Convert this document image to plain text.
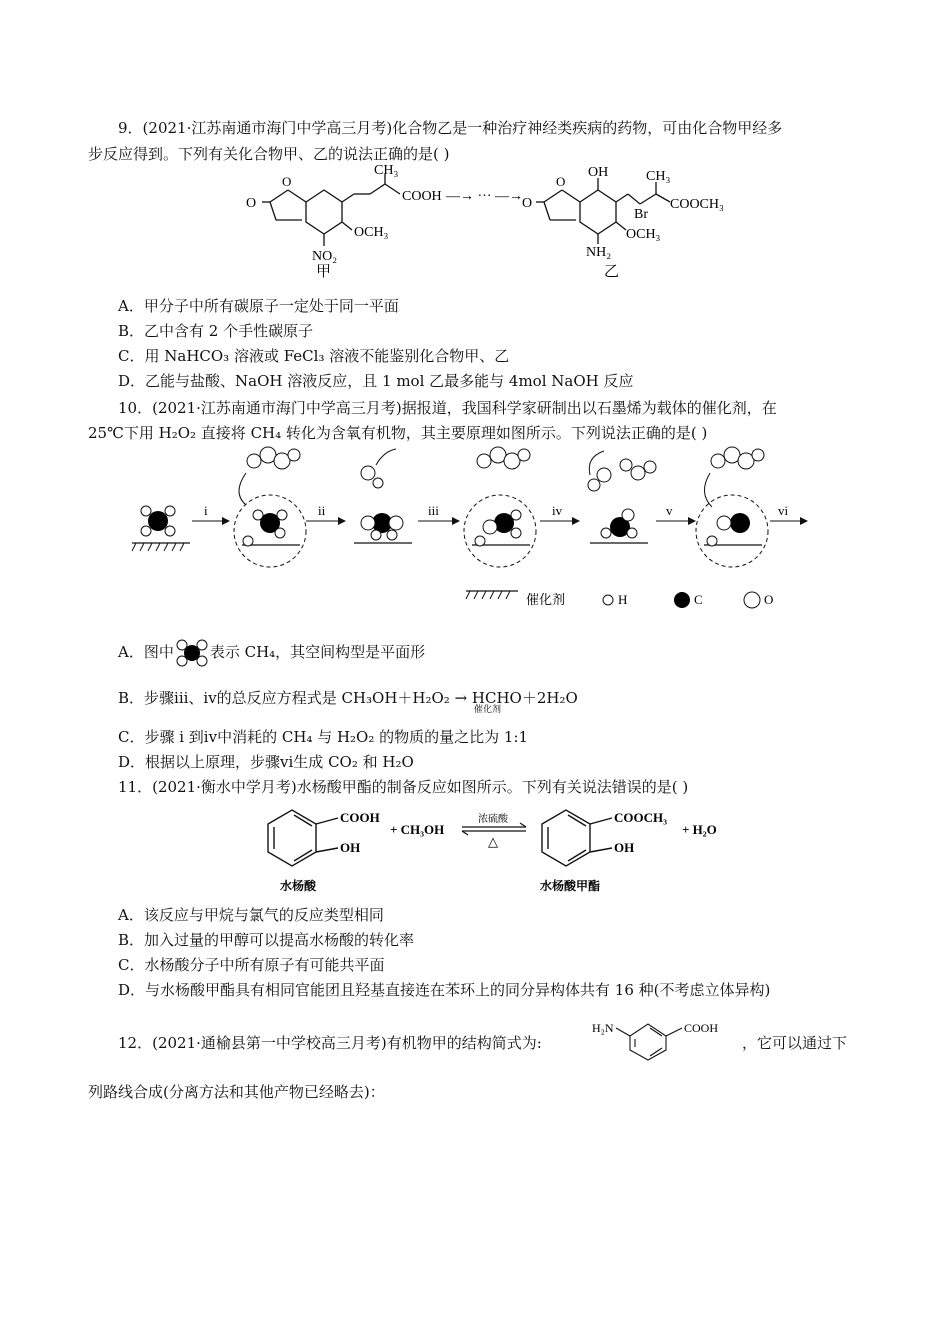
9．(2021·江苏南通市海门中学高三月考)化合物乙是一种治疗神经类疾病的药物，可由化合物甲经多
步反应得到。下列有关化合物甲、乙的说法正确的是( )
O
O
CH₃
COOH
OCH₃
NO₂
甲
—→ ··· —→ O
O
OH	CH₃
Br
COOCH₃
OCH₃
NH₂
乙
A．甲分子中所有碳原子一定处于同一平面
B．乙中含有 2 个手性碳原子
C．用 NaHCO₃ 溶液或 FeCl₃ 溶液不能鉴别化合物甲、乙
D．乙能与盐酸、NaOH 溶液反应，且 1 mol 乙最多能与 4mol NaOH 反应
10．(2021·江苏南通市海门中学高三月考)据报道，我国科学家研制出以石墨烯为载体的催化剂，在
25℃下用 H₂O₂ 直接将 CH₄ 转化为含氧有机物，其主要原理如图所示。下列说法正确的是( )
i	ii	iii	iv	v	vi
催化剂	H	C	O
A．图中 表示 CH₄，其空间构型是平面形
B．步骤iii、iv的总反应方程式是 CH₃OH＋H₂O₂ → HCHO＋2H₂O
催化剂
C．步骤 i 到iv中消耗的 CH₄ 与 H₂O₂ 的物质的量之比为 1:1
D．根据以上原理，步骤vi生成 CO₂ 和 H₂O
11．(2021·衡水中学月考)水杨酸甲酯的制备反应如图所示。下列有关说法错误的是( )
COOH
OH
+ CH₃OH
浓硫酸
△
COOCH₃
OH
+ H₂O
水杨酸	水杨酸甲酯
A．该反应与甲烷与氯气的反应类型相同
B．加入过量的甲醇可以提高水杨酸的转化率
C．水杨酸分子中所有原子有可能共平面
D．与水杨酸甲酯具有相同官能团且羟基直接连在苯环上的同分异构体共有 16 种(不考虑立体异构)
12．(2021·通榆县第一中学校高三月考)有机物甲的结构简式为:
H₂N	COOH
，它可以通过下
列路线合成(分离方法和其他产物已经略去)：
